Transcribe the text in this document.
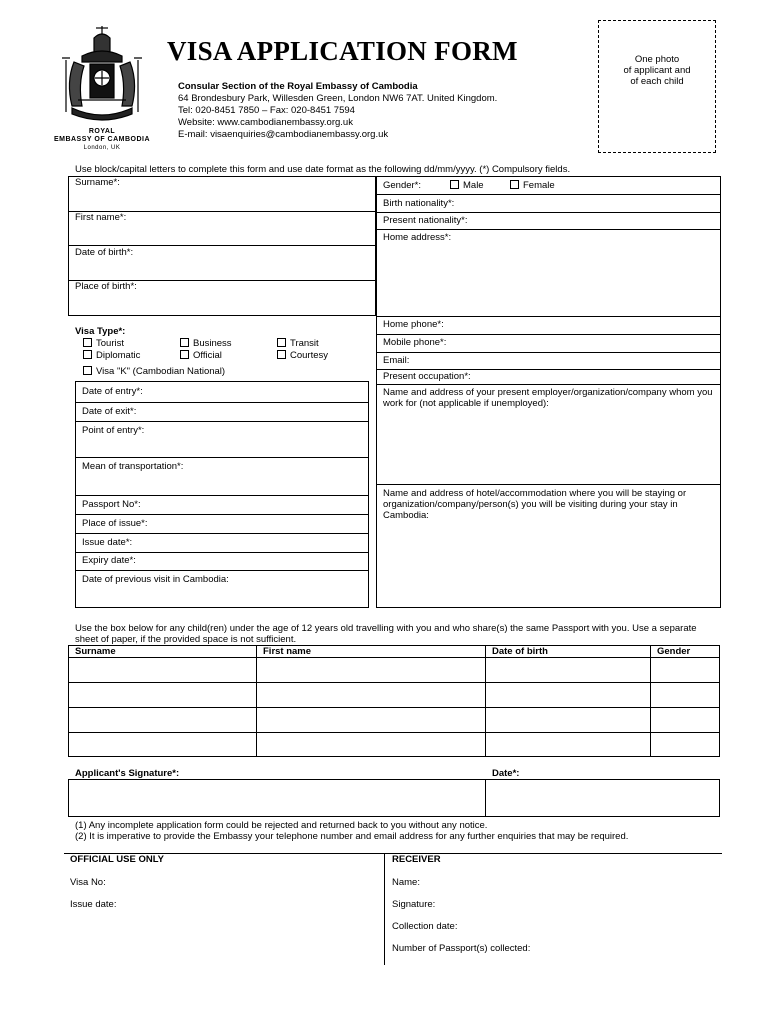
ROYAL
EMBASSY OF CAMBODIA
London, UK
VISA APPLICATION FORM
Consular Section of the Royal Embassy of Cambodia
64 Brondesbury Park, Willesden Green, London NW6 7AT. United Kingdom.
Tel: 020-8451 7850 – Fax: 020-8451 7594
Website: www.cambodianembassy.org.uk
E-mail: visaenquiries@cambodianembassy.org.uk
One photo
of applicant and
of each child
Use block/capital letters to complete this form and use date format as the following dd/mm/yyyy. (*) Compulsory fields.
Surname*:
First name*:
Date of birth*:
Place of birth*:
Gender*:	Male	Female
Birth nationality*:
Present nationality*:
Home address*:
Home phone*:
Mobile phone*:
Email:
Present occupation*:
Name and address of your present employer/organization/company whom you work for (not applicable if unemployed):
Name and address of hotel/accommodation where you will be staying or organization/company/person(s) you will be visiting during your stay in Cambodia:
Visa Type*:
Tourist	Business	Transit
Diplomatic	Official	Courtesy
Visa "K" (Cambodian National)
Date of entry*:
Date of exit*:
Point of entry*:
Mean of transportation*:
Passport No*:
Place of issue*:
Issue date*:
Expiry date*:
Date of previous visit in Cambodia:
Use the box below for any child(ren) under the age of 12 years old travelling with you and who share(s) the same Passport with you. Use a separate sheet of paper, if the provided space is not sufficient.
Surname	First name	Date of birth	Gender
Applicant's Signature*:	Date*:
(1) Any incomplete application form could be rejected and returned back to you without any notice.
(2) It is imperative to provide the Embassy your telephone number and email address for any further enquiries that may be required.
OFFICIAL USE ONLY
Visa No:
Issue date:
RECEIVER
Name:
Signature:
Collection date:
Number of Passport(s) collected:
